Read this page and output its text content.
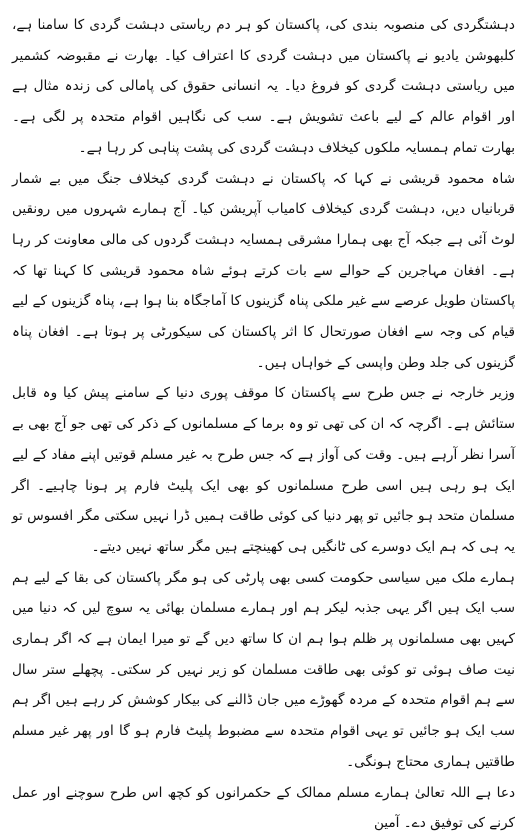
دہشتگردی کی منصوبہ بندی کی، پاکستان کو ہر دم ریاستی دہشت گردی کا سامنا ہے، کلبھوشن یادیو نے پاکستان میں دہشت گردی کا اعتراف کیا۔ بھارت نے مقبوضہ کشمیر میں ریاستی دہشت گردی کو فروغ دیا۔ یہ انسانی حقوق کی پامالی کی زندہ مثال ہے اور اقوام عالم کے لیے باعث تشویش ہے۔ سب کی نگاہیں اقوام متحدہ پر لگی ہے۔ بھارت تمام ہمسایہ ملکوں کیخلاف دہشت گردی کی پشت پناہی کر رہا ہے۔

شاہ محمود قریشی نے کہا کہ پاکستان نے دہشت گردی کیخلاف جنگ میں بے شمار قربانیاں دیں، دہشت گردی کیخلاف کامیاب آپریشن کیا۔ آج ہمارے شہروں میں رونقیں لوٹ آئی ہے جبکہ آج بھی ہمارا مشرقی ہمسایہ دہشت گردوں کی مالی معاونت کر رہا ہے۔ افغان مہاجرین کے حوالے سے بات کرتے ہوئے شاہ محمود قریشی کا کہنا تھا کہ پاکستان طویل عرصے سے غیر ملکی پناہ گزینوں کا آماجگاہ بنا ہوا ہے، پناہ گزینوں کے لیے قیام کی وجہ سے افغان صورتحال کا اثر پاکستان کی سیکورٹی پر ہوتا ہے۔ افغان پناہ گزینوں کی جلد وطن واپسی کے خواہاں ہیں۔

وزیر خارجہ نے جس طرح سے پاکستان کا موقف پوری دنیا کے سامنے پیش کیا وہ قابل ستائش ہے۔ اگرچہ کہ ان کی تھی تو وہ برما کے مسلمانوں کے ذکر کی تھی جو آج بھی بے آسرا نظر آرہے ہیں۔ وقت کی آواز ہے کہ جس طرح بہ غیر مسلم قوتیں اپنے مفاد کے لیے ایک ہو رہی ہیں اسی طرح مسلمانوں کو بھی ایک پلیٹ فارم پر ہونا چاہیے۔ اگر مسلمان متحد ہو جائیں تو پھر دنیا کی کوئی طاقت ہمیں ڈرا نہیں سکتی مگر افسوس تو یہ ہی کہ ہم ایک دوسرے کی ٹانگیں ہی کھینچتے ہیں مگر ساتھ نہیں دیتے۔

ہمارے ملک میں سیاسی حکومت کسی بھی پارٹی کی ہو مگر پاکستان کی بقا کے لیے ہم سب ایک ہیں اگر یہی جذبہ لیکر ہم اور ہمارے مسلمان بھائی یہ سوچ لیں کہ دنیا میں کہیں بھی مسلمانوں پر ظلم ہوا ہم ان کا ساتھ دیں گے تو میرا ایمان ہے کہ اگر ہماری نیت صاف ہوئی تو کوئی بھی طاقت مسلمان کو زیر نہیں کر سکتی۔ پچھلے ستر سال سے ہم اقوام متحدہ کے مردہ گھوڑے میں جان ڈالنے کی بیکار کوشش کر رہے ہیں اگر ہم سب ایک ہو جائیں تو یہی اقوام متحدہ سے مضبوط پلیٹ فارم ہو گا اور پھر غیر مسلم طاقتیں ہماری محتاج ہونگی۔

دعا ہے اللہ تعالیٰ ہمارے مسلم ممالک کے حکمرانوں کو کچھ اس طرح سوچنے اور عمل کرنے کی توفیق دے۔ آمین
